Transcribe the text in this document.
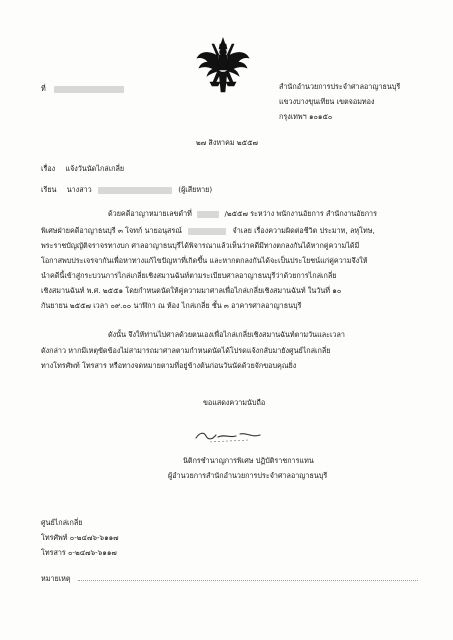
ที่	สำนักอำนวยการประจำศาลอาญาธนบุรี
แขวงบางขุนเทียน เขตจอมทอง
กรุงเทพฯ ๑๐๑๕๐
๒๗ สิงหาคม ๒๕๕๗
เรื่อง แจ้งวันนัดไกล่เกลี่ย
เรียน นางสาว	(ผู้เสียหาย)
ด้วยคดีอาญาหมายเลขดำที่	/๒๕๕๗ ระหว่าง พนักงานอัยการ สำนักงานอัยการ
พิเศษฝ่ายคดีอาญาธนบุรี ๓ โจทก์ นายอนุสรณ์	จำเลย เรื่องความผิดต่อชีวิต ประมาท, ลหุโทษ,
พระราชบัญญัติจราจรทางบก ศาลอาญาธนบุรีได้พิจารณาแล้วเห็นว่าคดีมีทางตกลงกันได้หากคู่ความได้มี
โอกาสพบประเจรจากันเพื่อหาทางแก้ไขปัญหาที่เกิดขึ้น และหากตกลงกันได้จะเป็นประโยชน์แก่คู่ความจึงให้
นำคดีนี้เข้าสู่กระบวนการไกล่เกลี่ยเชิงสมานฉันท์ตามระเบียบศาลอาญาธนบุรีว่าด้วยการไกล่เกลี่ย
เชิงสมานฉันท์ พ.ศ. ๒๕๕๑ โดยกำหนดนัดให้คู่ความมาศาลเพื่อไกล่เกลี่ยเชิงสมานฉันท์ ในวันที่ ๑๐
กันยายน ๒๕๕๗ เวลา ๐๙.๐๐ นาฬิกา ณ ห้อง ไกล่เกลี่ย ชั้น ๓ อาคารศาลอาญาธนบุรี
ดังนั้น จึงให้ท่านไปศาลด้วยตนเองเพื่อไกล่เกลี่ยเชิงสมานฉันท์ตามวันและเวลา
ดังกล่าว หากมีเหตุขัดข้องไม่สามารถมาศาลตามกำหนดนัดได้โปรดแจ้งกลับมายังศูนย์ไกล่เกลี่ย
ทางโทรศัพท์ โทรสาร หรือทางจดหมายตามที่อยู่ข้างต้นก่อนวันนัดด้วยจักขอบคุณยิ่ง
ขอแสดงความนับถือ
นิติกรชำนาญการพิเศษ ปฏิบัติราชการแทน
ผู้อำนวยการสำนักอำนวยการประจำศาลอาญาธนบุรี
ศูนย์ไกล่เกลี่ย
โทรศัพท์ ๐-๒๔๗๖-๖๑๑๗
โทรสาร ๐-๒๔๗๖-๖๑๑๗
หมายเหตุ
